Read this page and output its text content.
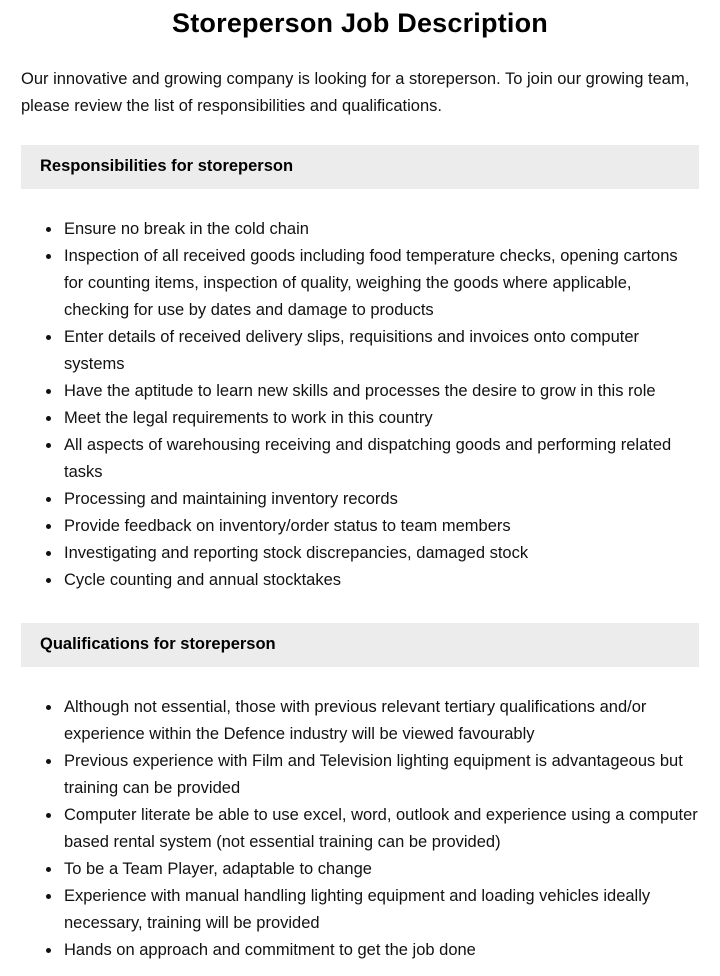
Storeperson Job Description

Our innovative and growing company is looking for a storeperson. To join our growing team, please review the list of responsibilities and qualifications.

Responsibilities for storeperson
• Ensure no break in the cold chain
• Inspection of all received goods including food temperature checks, opening cartons for counting items, inspection of quality, weighing the goods where applicable, checking for use by dates and damage to products
• Enter details of received delivery slips, requisitions and invoices onto computer systems
• Have the aptitude to learn new skills and processes the desire to grow in this role
• Meet the legal requirements to work in this country
• All aspects of warehousing receiving and dispatching goods and performing related tasks
• Processing and maintaining inventory records
• Provide feedback on inventory/order status to team members
• Investigating and reporting stock discrepancies, damaged stock
• Cycle counting and annual stocktakes
Qualifications for storeperson
• Although not essential, those with previous relevant tertiary qualifications and/or experience within the Defence industry will be viewed favourably
• Previous experience with Film and Television lighting equipment is advantageous but training can be provided
• Computer literate be able to use excel, word, outlook and experience using a computer based rental system (not essential training can be provided)
• To be a Team Player, adaptable to change
• Experience with manual handling lighting equipment and loading vehicles ideally necessary, training will be provided
• Hands on approach and commitment to get the job done
